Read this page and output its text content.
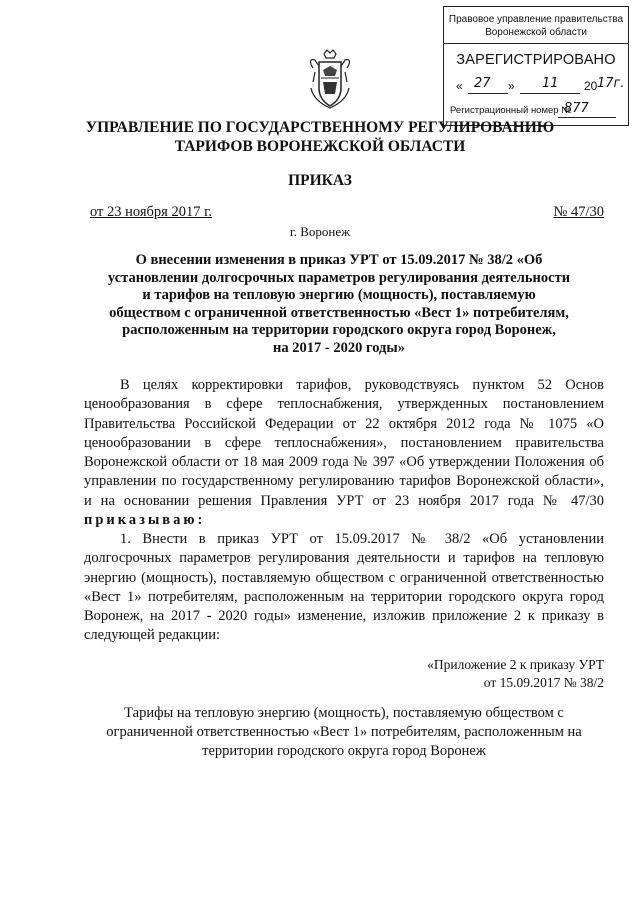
Правовое управление правительства
Воронежской области
ЗАРЕГИСТРИРОВАНО
« 27 » 11 20 17г.
Регистрационный номер №
877
УПРАВЛЕНИЕ ПО ГОСУДАРСТВЕННОМУ РЕГУЛИРОВАНИЮ
ТАРИФОВ ВОРОНЕЖСКОЙ ОБЛАСТИ
ПРИКАЗ
от 23 ноября 2017 г.	№ 47/30
г. Воронеж
О внесении изменения в приказ УРТ от 15.09.2017 № 38/2 «Об
установлении долгосрочных параметров регулирования деятельности
и тарифов на тепловую энергию (мощность), поставляемую
обществом с ограниченной ответственностью «Вест 1» потребителям,
расположенным на территории городского округа город Воронеж,
на 2017 - 2020 годы»
В целях корректировки тарифов, руководствуясь пунктом 52 Основ ценообразования в сфере теплоснабжения, утвержденных постановлением Правительства Российской Федерации от 22 октября 2012 года № 1075 «О ценообразовании в сфере теплоснабжения», постановлением правительства Воронежской области от 18 мая 2009 года № 397 «Об утверждении Положения об управлении по государственному регулированию тарифов Воронежской области», и на основании решения Правления УРТ от 23 ноября 2017 года № 47/30 приказываю:
1. Внести в приказ УРТ от 15.09.2017 № 38/2 «Об установлении долгосрочных параметров регулирования деятельности и тарифов на тепловую энергию (мощность), поставляемую обществом с ограниченной ответственностью «Вест 1» потребителям, расположенным на территории городского округа город Воронеж, на 2017 - 2020 годы» изменение, изложив приложение 2 к приказу в следующей редакции:
«Приложение 2 к приказу УРТ
от 15.09.2017 № 38/2
Тарифы на тепловую энергию (мощность), поставляемую обществом с
ограниченной ответственностью «Вест 1» потребителям, расположенным на
территории городского округа город Воронеж
